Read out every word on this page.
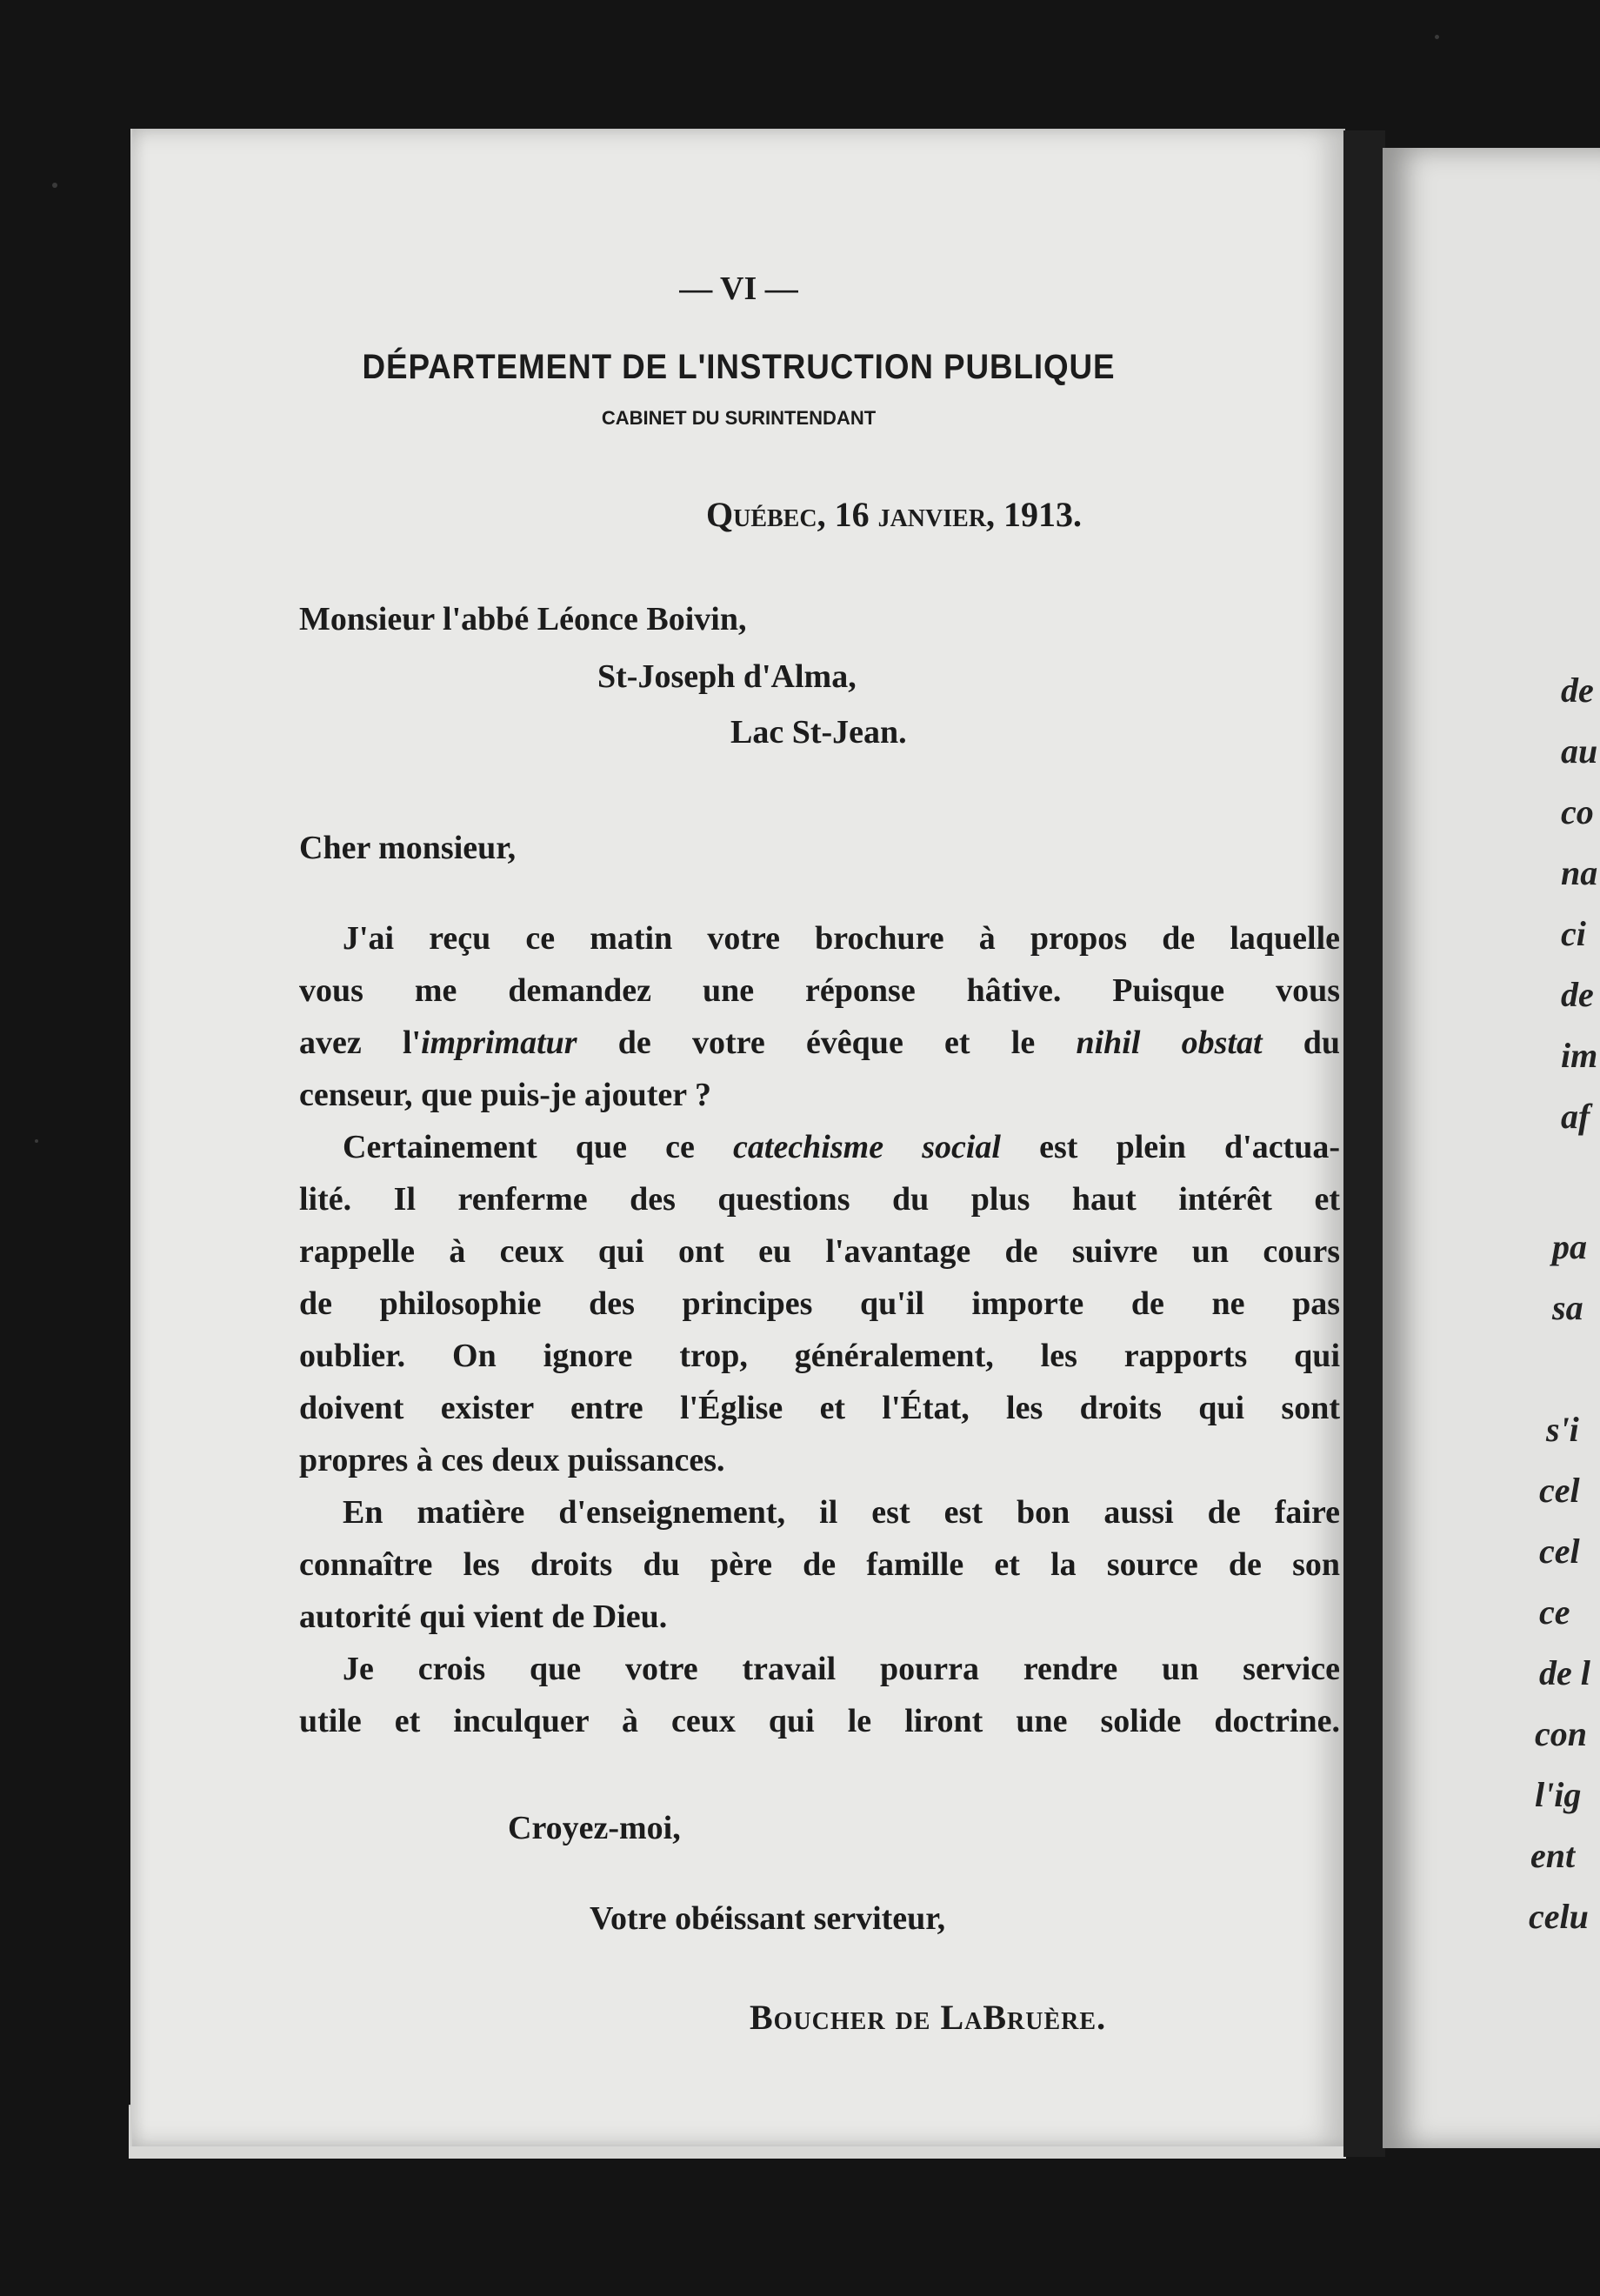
— VI —
DÉPARTEMENT DE L'INSTRUCTION PUBLIQUE
CABINET DU SURINTENDANT
Québec, 16 janvier, 1913.
Monsieur l'abbé Léonce Boivin,
St-Joseph d'Alma,
Lac St-Jean.
Cher monsieur,
J'ai reçu ce matin votre brochure à propos de laquelle
vous me demandez une réponse hâtive. Puisque vous
avez l'imprimatur de votre évêque et le nihil obstat du
censeur, que puis-je ajouter ?
Certainement que ce catechisme social est plein d'actua-
lité. Il renferme des questions du plus haut intérêt et
rappelle à ceux qui ont eu l'avantage de suivre un cours
de philosophie des principes qu'il importe de ne pas
oublier. On ignore trop, généralement, les rapports qui
doivent exister entre l'Église et l'État, les droits qui sont
propres à ces deux puissances.
En matière d'enseignement, il est est bon aussi de faire
connaître les droits du père de famille et la source de son
autorité qui vient de Dieu.
Je crois que votre travail pourra rendre un service
utile et inculquer à ceux qui le liront une solide doctrine.
Croyez-moi,
Votre obéissant serviteur,
Boucher de LaBruère.
de
au
co
na
ci
de
im
af
pa
sa
s'i
cel
cel
ce
de l
con
l'ig
ent
celu
